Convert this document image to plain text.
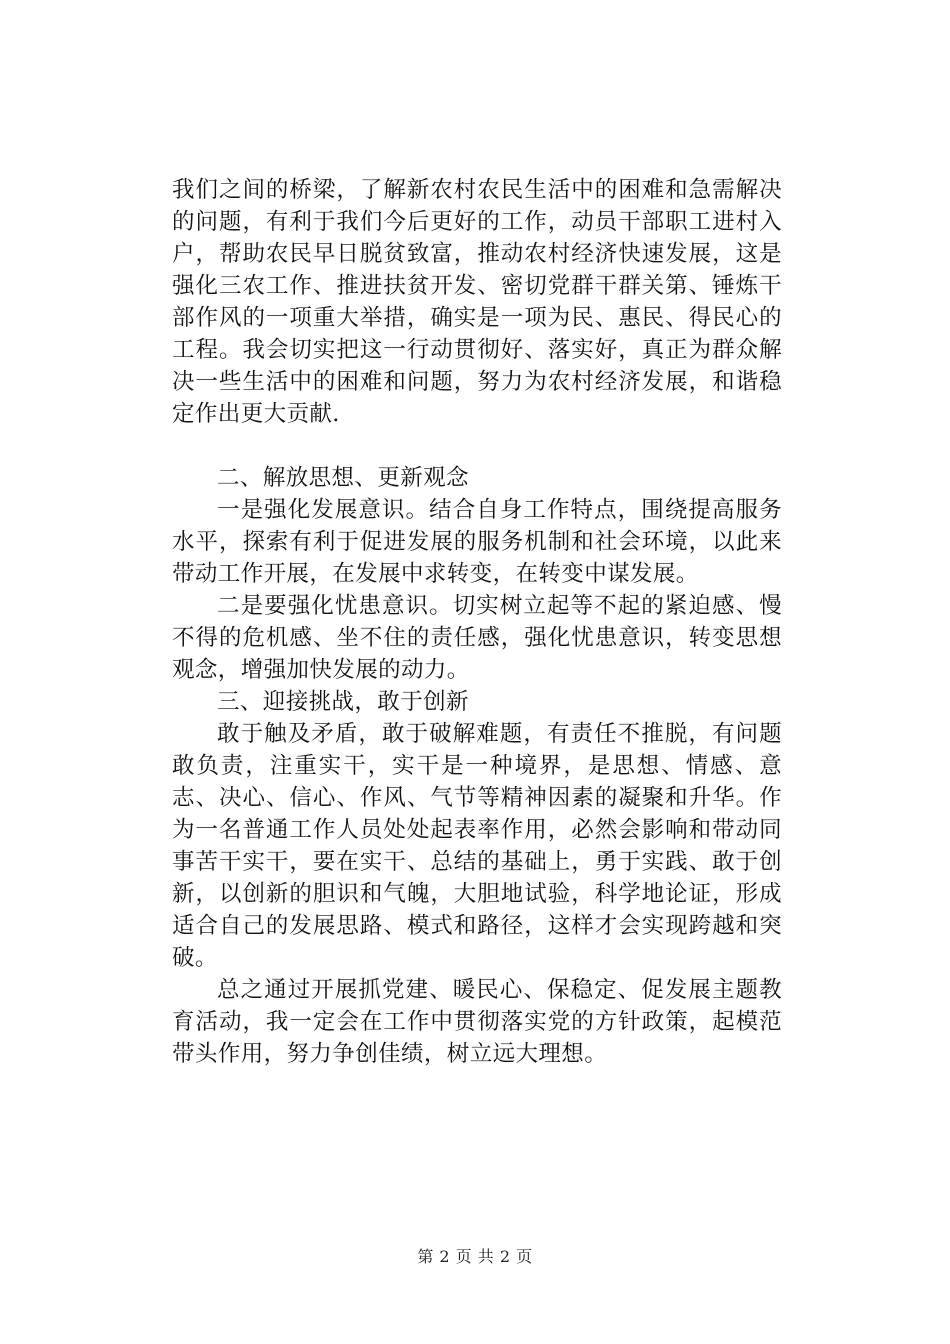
我们之间的桥梁，了解新农村农民生活中的困难和急需解决的问题，有利于我们今后更好的工作，动员干部职工进村入户，帮助农民早日脱贫致富，推动农村经济快速发展，这是强化三农工作、推进扶贫开发、密切党群干群关第、锤炼干部作风的一项重大举措，确实是一项为民、惠民、得民心的工程。我会切实把这一行动贯彻好、落实好，真正为群众解决一些生活中的困难和问题，努力为农村经济发展，和谐稳定作出更大贡献.

二、解放思想、更新观念

一是强化发展意识。结合自身工作特点，围绕提高服务水平，探索有利于促进发展的服务机制和社会环境，以此来带动工作开展，在发展中求转变，在转变中谋发展。

二是要强化忧患意识。切实树立起等不起的紧迫感、慢不得的危机感、坐不住的责任感，强化忧患意识，转变思想观念，增强加快发展的动力。

三、迎接挑战，敢于创新

敢于触及矛盾，敢于破解难题，有责任不推脱，有问题敢负责，注重实干，实干是一种境界，是思想、情感、意志、决心、信心、作风、气节等精神因素的凝聚和升华。作为一名普通工作人员处处起表率作用，必然会影响和带动同事苦干实干，要在实干、总结的基础上，勇于实践、敢于创新，以创新的胆识和气魄，大胆地试验，科学地论证，形成适合自己的发展思路、模式和路径，这样才会实现跨越和突破。

总之通过开展抓党建、暖民心、保稳定、促发展主题教育活动，我一定会在工作中贯彻落实党的方针政策，起模范带头作用，努力争创佳绩，树立远大理想。

第 2 页 共 2 页
